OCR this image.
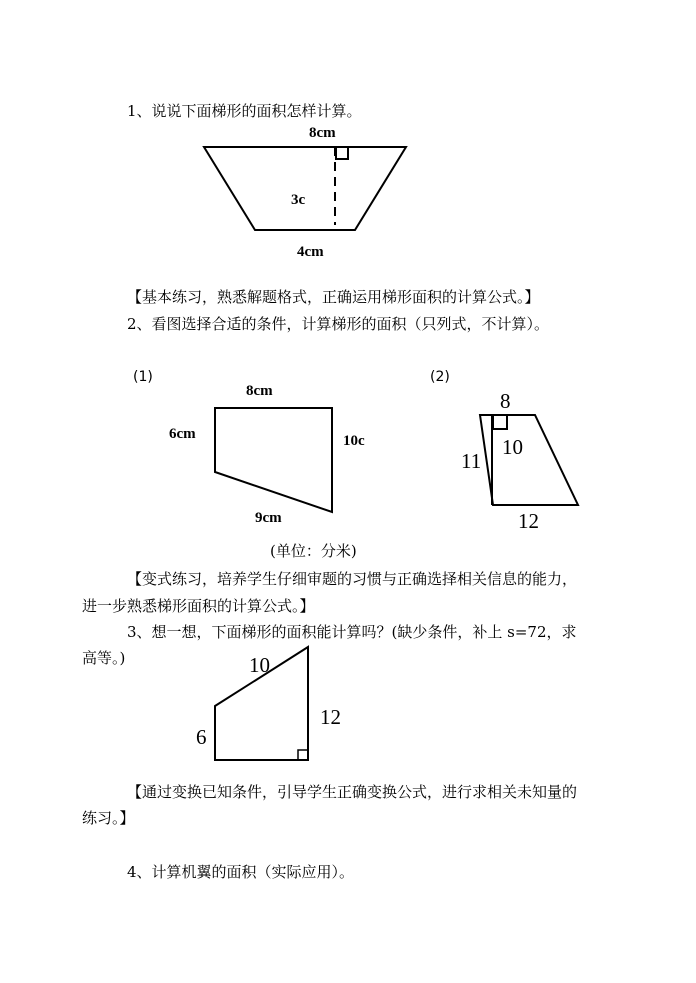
1、说说下面梯形的面积怎样计算。
8cm
3c
4cm
(1)
8cm
6cm	10c
9cm
(2)
8
10
11
12
10
6
12
【基本练习，熟悉解题格式，正确运用梯形面积的计算公式。】
2、看图选择合适的条件，计算梯形的面积（只列式，不计算）。
(单位：分米)
【变式练习，培养学生仔细审题的习惯与正确选择相关信息的能力，
进一步熟悉梯形面积的计算公式。】
3、想一想，下面梯形的面积能计算吗？(缺少条件，补上 s=72，求
高等。)
【通过变换已知条件，引导学生正确变换公式，进行求相关未知量的
练习。】
4、计算机翼的面积（实际应用）。
